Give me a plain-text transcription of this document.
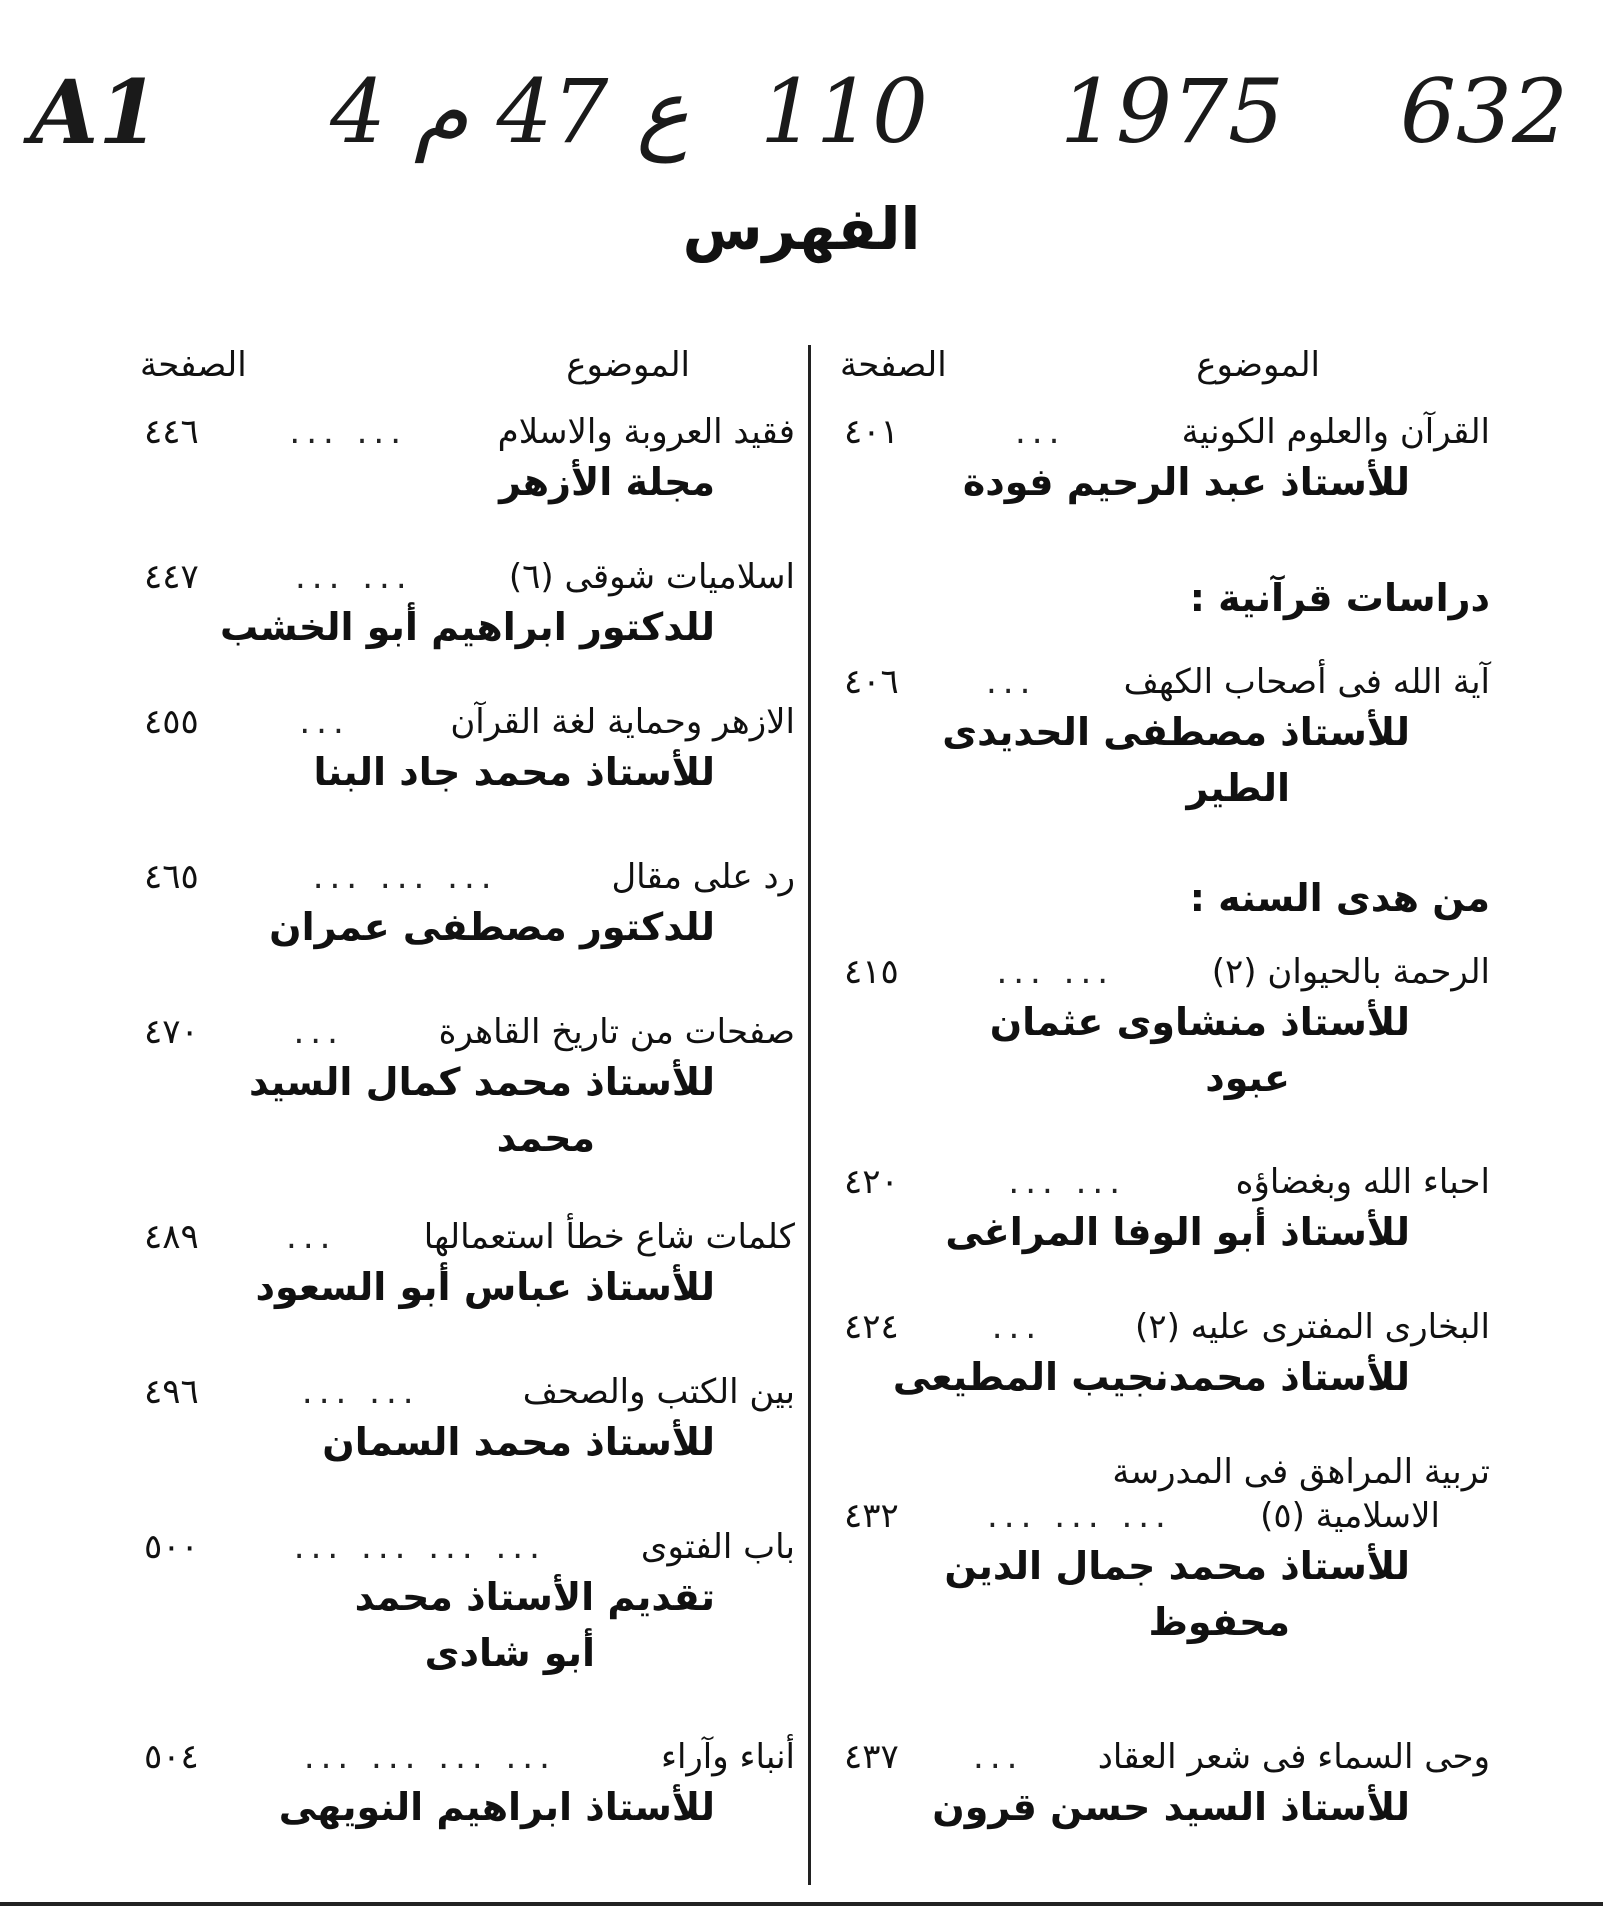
A1 4 ع 47 م 110 1975 632
الفهرس
الموضوع
الصفحة
الموضوع
الصفحة
القرآن والعلوم الكونية
...
٤٠١
للأستاذ عبد الرحيم فودة
دراسات قرآنية :
آية الله فى أصحاب الكهف
...
٤٠٦
للأستاذ مصطفى الحديدى
الطير
من هدى السنه :
الرحمة بالحيوان (٢)
... ...
٤١٥
للأستاذ منشاوى عثمان
عبود
احباء الله وبغضاؤه
... ...
٤٢٠
للأستاذ أبو الوفا المراغى
البخارى المفترى عليه (٢)
...
٤٢٤
للأستاذ محمدنجيب المطيعى
تربية المراهق فى المدرسة
الاسلامية (٥)
... ... ...
٤٣٢
للأستاذ محمد جمال الدين
محفوظ
وحى السماء فى شعر العقاد
...
٤٣٧
للأستاذ السيد حسن قرون
فقيد العروبة والاسلام
... ...
٤٤٦
مجلة الأزهر
اسلاميات شوقى (٦)
... ...
٤٤٧
للدكتور ابراهيم أبو الخشب
الازهر وحماية لغة القرآن
...
٤٥٥
للأستاذ محمد جاد البنا
رد على مقال
... ... ...
٤٦٥
للدكتور مصطفى عمران
صفحات من تاريخ القاهرة
...
٤٧٠
للأستاذ محمد كمال السيد
محمد
كلمات شاع خطأ استعمالها
...
٤٨٩
للأستاذ عباس أبو السعود
بين الكتب والصحف
... ...
٤٩٦
للأستاذ محمد السمان
باب الفتوى
... ... ... ...
٥٠٠
تقديم الأستاذ محمد
أبو شادى
أنباء وآراء
... ... ... ...
٥٠٤
للأستاذ ابراهيم النويهى
